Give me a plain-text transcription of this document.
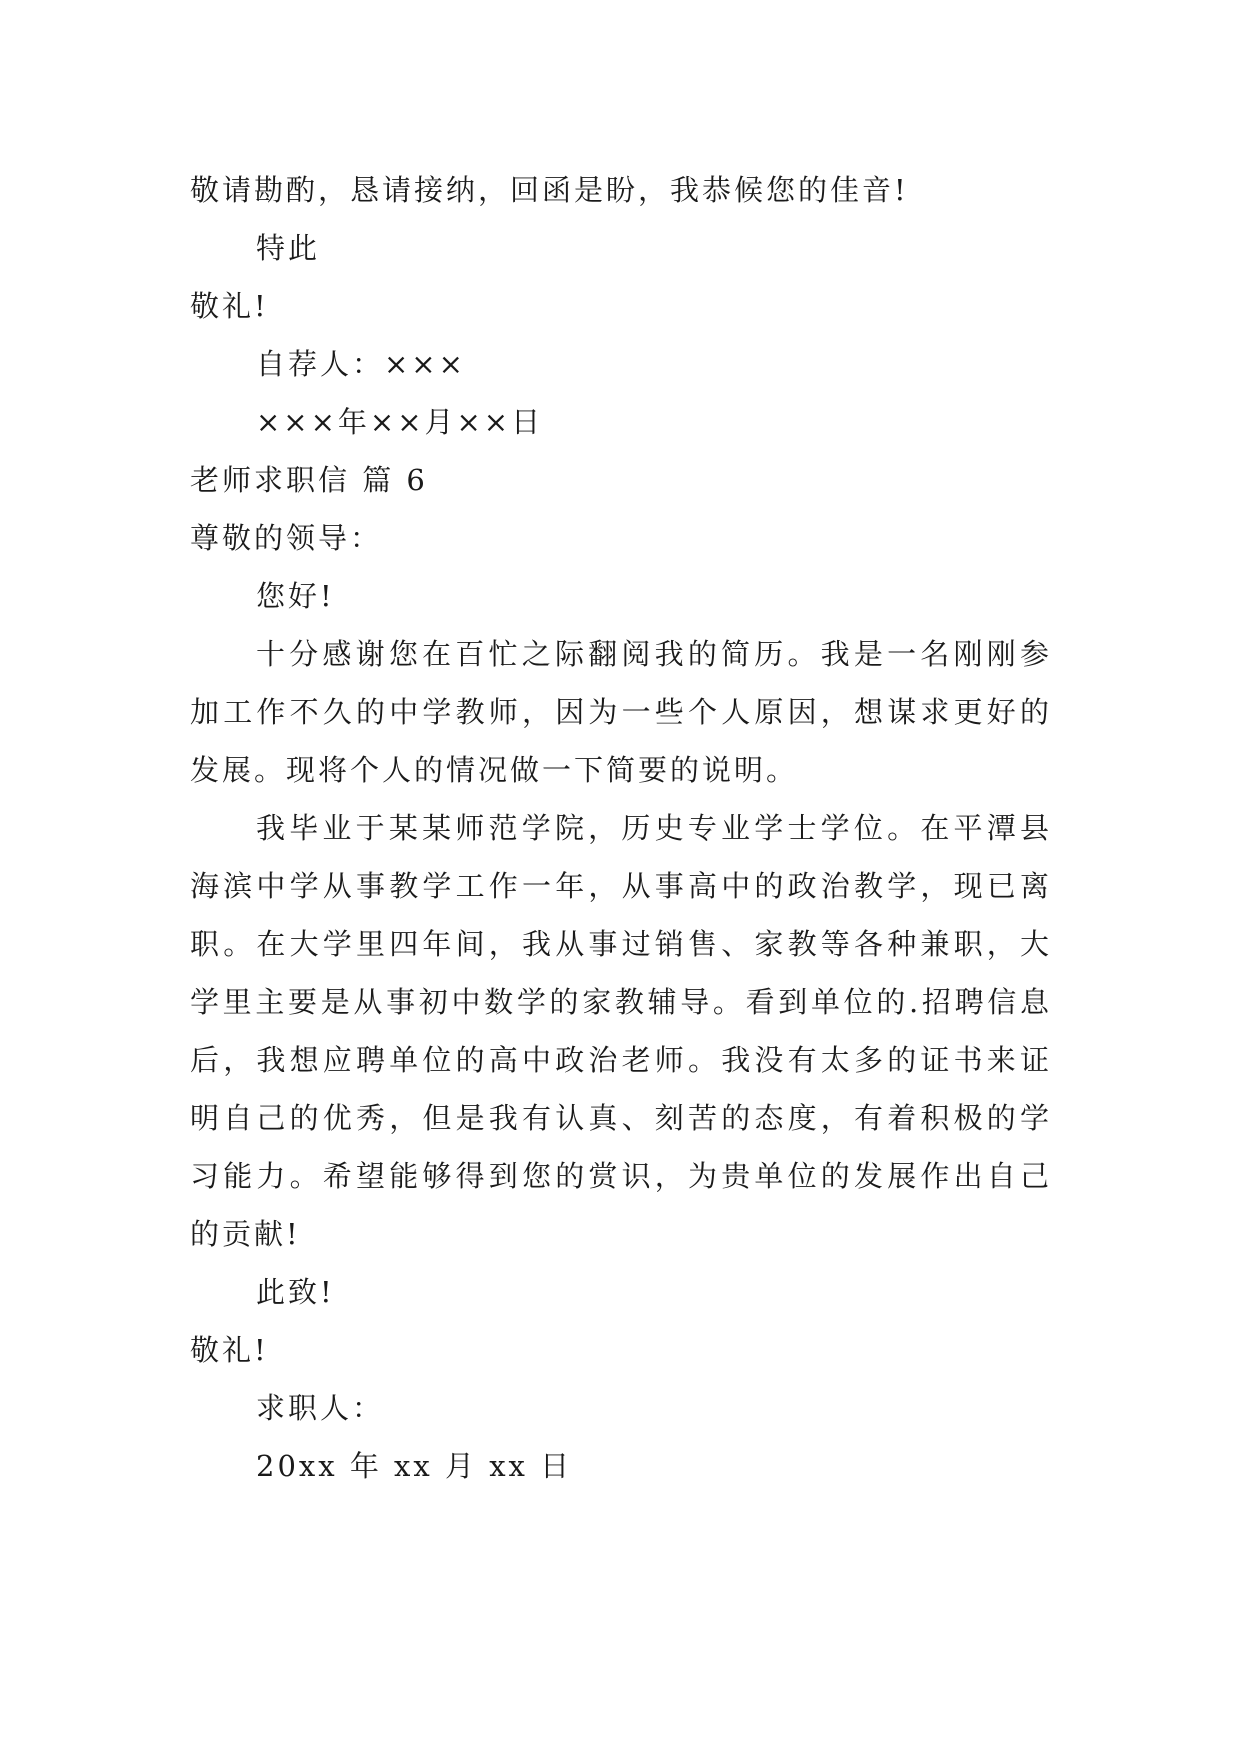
敬请勘酌，恳请接纳，回函是盼，我恭候您的佳音!
特此
敬礼!
自荐人：×××
×××年××月××日
老师求职信 篇 6
尊敬的领导：
您好!
十分感谢您在百忙之际翻阅我的简历。我是一名刚刚参加工作不久的中学教师，因为一些个人原因，想谋求更好的发展。现将个人的情况做一下简要的说明。
我毕业于某某师范学院，历史专业学士学位。在平潭县海滨中学从事教学工作一年，从事高中的政治教学，现已离职。在大学里四年间，我从事过销售、家教等各种兼职，大学里主要是从事初中数学的家教辅导。看到单位的.招聘信息后，我想应聘单位的高中政治老师。我没有太多的证书来证明自己的优秀，但是我有认真、刻苦的态度，有着积极的学习能力。希望能够得到您的赏识，为贵单位的发展作出自己的贡献!
此致!
敬礼!
求职人：
20xx 年 xx 月 xx 日
